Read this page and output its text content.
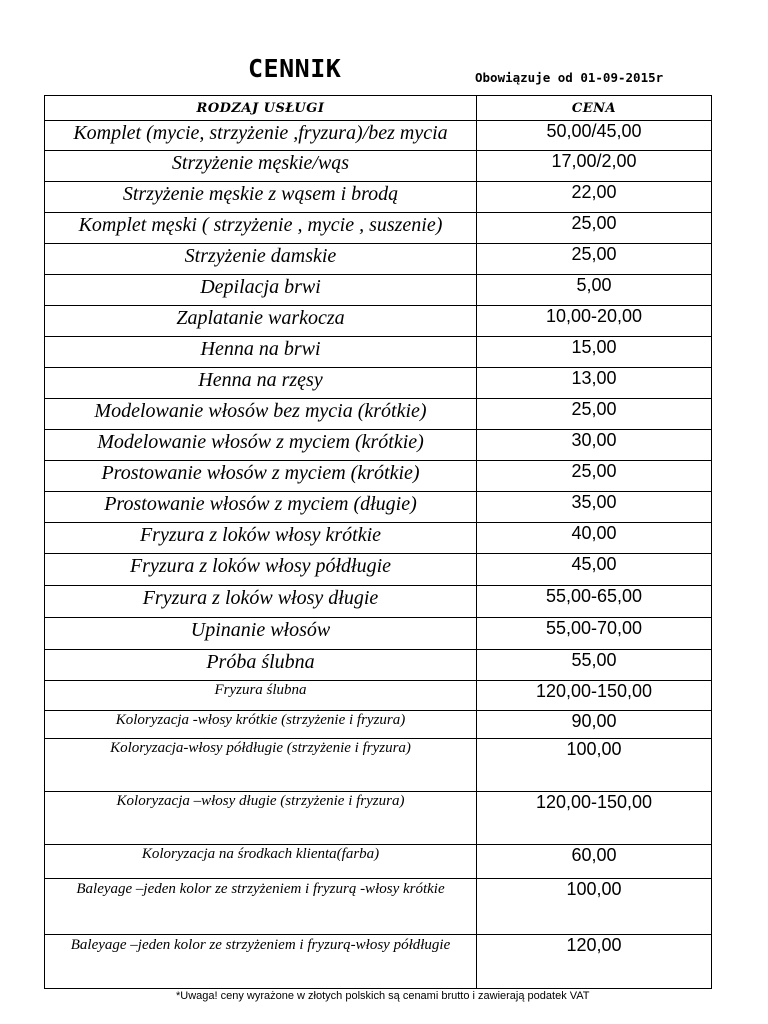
CENNIK	Obowiązuje od 01-09-2015r
RODZAJ USŁUGI	CENA
Komplet (mycie, strzyżenie ,fryzura)/bez mycia	50,00/45,00
Strzyżenie męskie/wąs	17,00/2,00
Strzyżenie męskie z wąsem i brodą	22,00
Komplet męski ( strzyżenie , mycie , suszenie)	25,00
Strzyżenie damskie	25,00
Depilacja brwi	5,00
Zaplatanie warkocza	10,00-20,00
Henna na brwi	15,00
Henna na rzęsy	13,00
Modelowanie włosów bez mycia (krótkie)	25,00
Modelowanie włosów z myciem (krótkie)	30,00
Prostowanie włosów z myciem (krótkie)	25,00
Prostowanie włosów z myciem (długie)	35,00
Fryzura z loków włosy krótkie	40,00
Fryzura z loków włosy półdługie	45,00
Fryzura z loków włosy długie	55,00-65,00
Upinanie włosów	55,00-70,00
Próba ślubna	55,00
Fryzura ślubna	120,00-150,00
Koloryzacja -włosy krótkie (strzyżenie i fryzura)	90,00
Koloryzacja-włosy półdługie (strzyżenie i fryzura)	100,00
Koloryzacja –włosy długie (strzyżenie i fryzura)	120,00-150,00
Koloryzacja na środkach klienta(farba)	60,00
Baleyage –jeden kolor ze strzyżeniem i fryzurą -włosy krótkie	100,00
Baleyage –jeden kolor ze strzyżeniem i fryzurą-włosy półdługie	120,00
*Uwaga! ceny wyrażone w złotych polskich są cenami brutto i zawierają podatek VAT
